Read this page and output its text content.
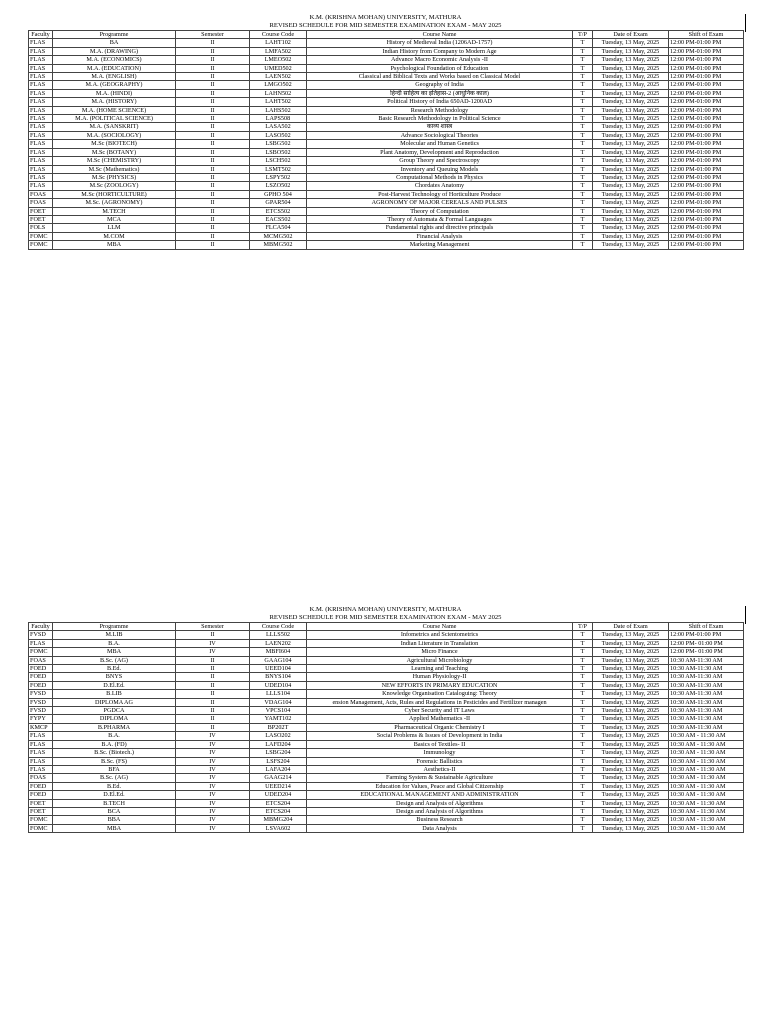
K.M. (KRISHNA MOHAN) UNIVERSITY, MATHURA
REVISED SCHEDULE FOR MID SEMESTER EXAMINATION EXAM - MAY 2025
Faculty	Programme	Semester	Course Code	Course Name	T/P	Date of Exam	Shift of Exam
FLAS	BA	II	LAHT102	History of Medieval India (1206AD-1757)	T	Tuesday, 13 May, 2025	12:00 PM-01:00 PM
FLAS	M.A. (DRAWING)	II	LMFA502	Indian History from Company to Modern Age	T	Tuesday, 13 May, 2025	12:00 PM-01:00 PM
FLAS	M.A. (ECONOMICS)	II	LMEO502	Advance Macro Economic Analysis -II	T	Tuesday, 13 May, 2025	12:00 PM-01:00 PM
FLAS	M.A. (EDUCATION)	II	UMED502	Psychological Foundation of Education	T	Tuesday, 13 May, 2025	12:00 PM-01:00 PM
FLAS	M.A. (ENGLISH)	II	LAEN502	Classical and Biblical Texts and Works based on Classical Model	T	Tuesday, 13 May, 2025	12:00 PM-01:00 PM
FLAS	M.A. (GEOGRAPHY)	II	LMGO502	Geography of India	T	Tuesday, 13 May, 2025	12:00 PM-01:00 PM
FLAS	M.A. (HINDI)	II	LAHN502	हिन्दी साहित्य का इतिहास-2 (आधुनिक काल)	T	Tuesday, 13 May, 2025	12:00 PM-01:00 PM
FLAS	M.A. (HISTORY)	II	LAHT502	Political History of India 650AD-1200AD	T	Tuesday, 13 May, 2025	12:00 PM-01:00 PM
FLAS	M.A. (HOME SCIENCE)	II	LAHS502	Research Methodology	T	Tuesday, 13 May, 2025	12:00 PM-01:00 PM
FLAS	M.A. (POLITICAL SCIENCE)	II	LAPS508	Basic Research Methodology in Political Science	T	Tuesday, 13 May, 2025	12:00 PM-01:00 PM
FLAS	M.A. (SANSKRIT)	II	LASA502	काव्य शास्त्र	T	Tuesday, 13 May, 2025	12:00 PM-01:00 PM
FLAS	M.A. (SOCIOLOGY)	II	LASO502	Advance Sociological Theories	T	Tuesday, 13 May, 2025	12:00 PM-01:00 PM
FLAS	M.Sc (BIOTECH)	II	LSBG502	Molecular and Human Genetics	T	Tuesday, 13 May, 2025	12:00 PM-01:00 PM
FLAS	M.Sc (BOTANY)	II	LSBO502	Plant Anatomy, Development and Reproduction	T	Tuesday, 13 May, 2025	12:00 PM-01:00 PM
FLAS	M.Sc (CHEMISTRY)	II	LSCH502	Group Theory and Spectroscopy	T	Tuesday, 13 May, 2025	12:00 PM-01:00 PM
FLAS	M.Sc (Mathematics)	II	LSMT502	Inventory and Queuing Models	T	Tuesday, 13 May, 2025	12:00 PM-01:00 PM
FLAS	M.Sc (PHYSICS)	II	LSPY502	Computational Methods in Physics	T	Tuesday, 13 May, 2025	12:00 PM-01:00 PM
FLAS	M.Sc (ZOOLOGY)	II	LSZO502	Chordates Anatomy	T	Tuesday, 13 May, 2025	12:00 PM-01:00 PM
FOAS	M.Sc (HORTICULTURE)	II	GPHO 504	Post-Harvest Technology of Horticulture Produce	T	Tuesday, 13 May, 2025	12:00 PM-01:00 PM
FOAS	M.Sc. (AGRONOMY)	II	GPAR504	AGRONOMY OF MAJOR CEREALS AND PULSES	T	Tuesday, 13 May, 2025	12:00 PM-01:00 PM
FOET	M.TECH	II	ETCS502	Theory of Computation	T	Tuesday, 13 May, 2025	12:00 PM-01:00 PM
FOET	MCA	II	EACS502	Theory of Automata & Formal Languages	T	Tuesday, 13 May, 2025	12:00 PM-01:00 PM
FOLS	LLM	II	FLCA504	Fundamental rights and directive principals	T	Tuesday, 13 May, 2025	12:00 PM-01:00 PM
FOMC	M.COM	II	MCMG502	Financial Analysis	T	Tuesday, 13 May, 2025	12:00 PM-01:00 PM
FOMC	MBA	II	MBMG502	Marketing Management	T	Tuesday, 13 May, 2025	12:00 PM-01:00 PM
K.M. (KRISHNA MOHAN) UNIVERSITY, MATHURA
REVISED SCHEDULE FOR MID SEMESTER EXAMINATION EXAM - MAY 2025
Faculty	Programme	Semester	Course Code	Course Name	T/P	Date of Exam	Shift of Exam
FVSD	M.LIB	II	LLLS502	Infometrics and Scientometrics	T	Tuesday, 13 May, 2025	12:00 PM-01:00 PM
FLAS	B.A.	IV	LAEN202	Indian Literature in Translation	T	Tuesday, 13 May, 2025	12:00 PM- 01:00 PM
FOMC	MBA	IV	MBFI604	Micro Finance	T	Tuesday, 13 May, 2025	12:00 PM- 01:00 PM
FOAS	B.Sc. (AG)	II	GAAG104	Agricultural Microbiology	T	Tuesday, 13 May, 2025	10:30 AM-11:30 AM
FOED	B.Ed.	II	UEED104	Learning and Teaching	T	Tuesday, 13 May, 2025	10:30 AM-11:30 AM
FOED	BNYS	II	BNYS104	Human Physiology-II	T	Tuesday, 13 May, 2025	10:30 AM-11:30 AM
FOED	D.El.Ed.	II	UDED104	NEW EFFORTS IN PRIMARY EDUCATION	T	Tuesday, 13 May, 2025	10:30 AM-11:30 AM
FVSD	B.LIB	II	LLLS104	Knowledge Organisation Cataloguing: Theory	T	Tuesday, 13 May, 2025	10:30 AM-11:30 AM
FVSD	DIPLOMA AG	II	VDAG104	ension Management, Acts, Rules and Regulations in Pesticides and Fertilizer managen	T	Tuesday, 13 May, 2025	10:30 AM-11:30 AM
FVSD	PGDCA	II	VPCS104	Cyber Security and IT Laws	T	Tuesday, 13 May, 2025	10:30 AM-11:30 AM
FYPY	DIPLOMA	II	YAMT102	Applied Mathematics -II	T	Tuesday, 13 May, 2025	10:30 AM-11:30 AM
KMCP	B.PHARMA	II	BP202T	Pharmaceutical Organic Chemistry I	T	Tuesday, 13 May, 2025	10:30 AM-11:30 AM
FLAS	B.A.	IV	LASO202	Social Problems & Issues of Development in India	T	Tuesday, 13 May, 2025	10:30 AM - 11:30 AM
FLAS	B.A. (FD)	IV	LAFD204	Basics of Textiles- II	T	Tuesday, 13 May, 2025	10:30 AM - 11:30 AM
FLAS	B.Sc. (Biotech.)	IV	LSBG204	Immunology	T	Tuesday, 13 May, 2025	10:30 AM - 11:30 AM
FLAS	B.Sc. (FS)	IV	LSFS204	Forensic Ballistics	T	Tuesday, 13 May, 2025	10:30 AM - 11:30 AM
FLAS	BFA	IV	LAFA204	Aesthetics-II	T	Tuesday, 13 May, 2025	10:30 AM - 11:30 AM
FOAS	B.Sc. (AG)	IV	GAAG214	Farming System & Sustainable Agriculture	T	Tuesday, 13 May, 2025	10:30 AM - 11:30 AM
FOED	B.Ed.	IV	UEED214	Education for Values, Peace and Global Citizenship	T	Tuesday, 13 May, 2025	10:30 AM - 11:30 AM
FOED	D.El.Ed.	IV	UDED204	EDUCATIONAL MANAGEMENT AND ADMINISTRATION	T	Tuesday, 13 May, 2025	10:30 AM - 11:30 AM
FOET	B.TECH	IV	ETCS204	Design and Analysis of Algorithms	T	Tuesday, 13 May, 2025	10:30 AM - 11:30 AM
FOET	BCA	IV	ETCS204	Design and Analysis of Algorithms	T	Tuesday, 13 May, 2025	10:30 AM - 11:30 AM
FOMC	BBA	IV	MBMG204	Business Research	T	Tuesday, 13 May, 2025	10:30 AM - 11:30 AM
FOMC	MBA	IV	LSVA602	Data Analysis	T	Tuesday, 13 May, 2025	10:30 AM - 11:30 AM
